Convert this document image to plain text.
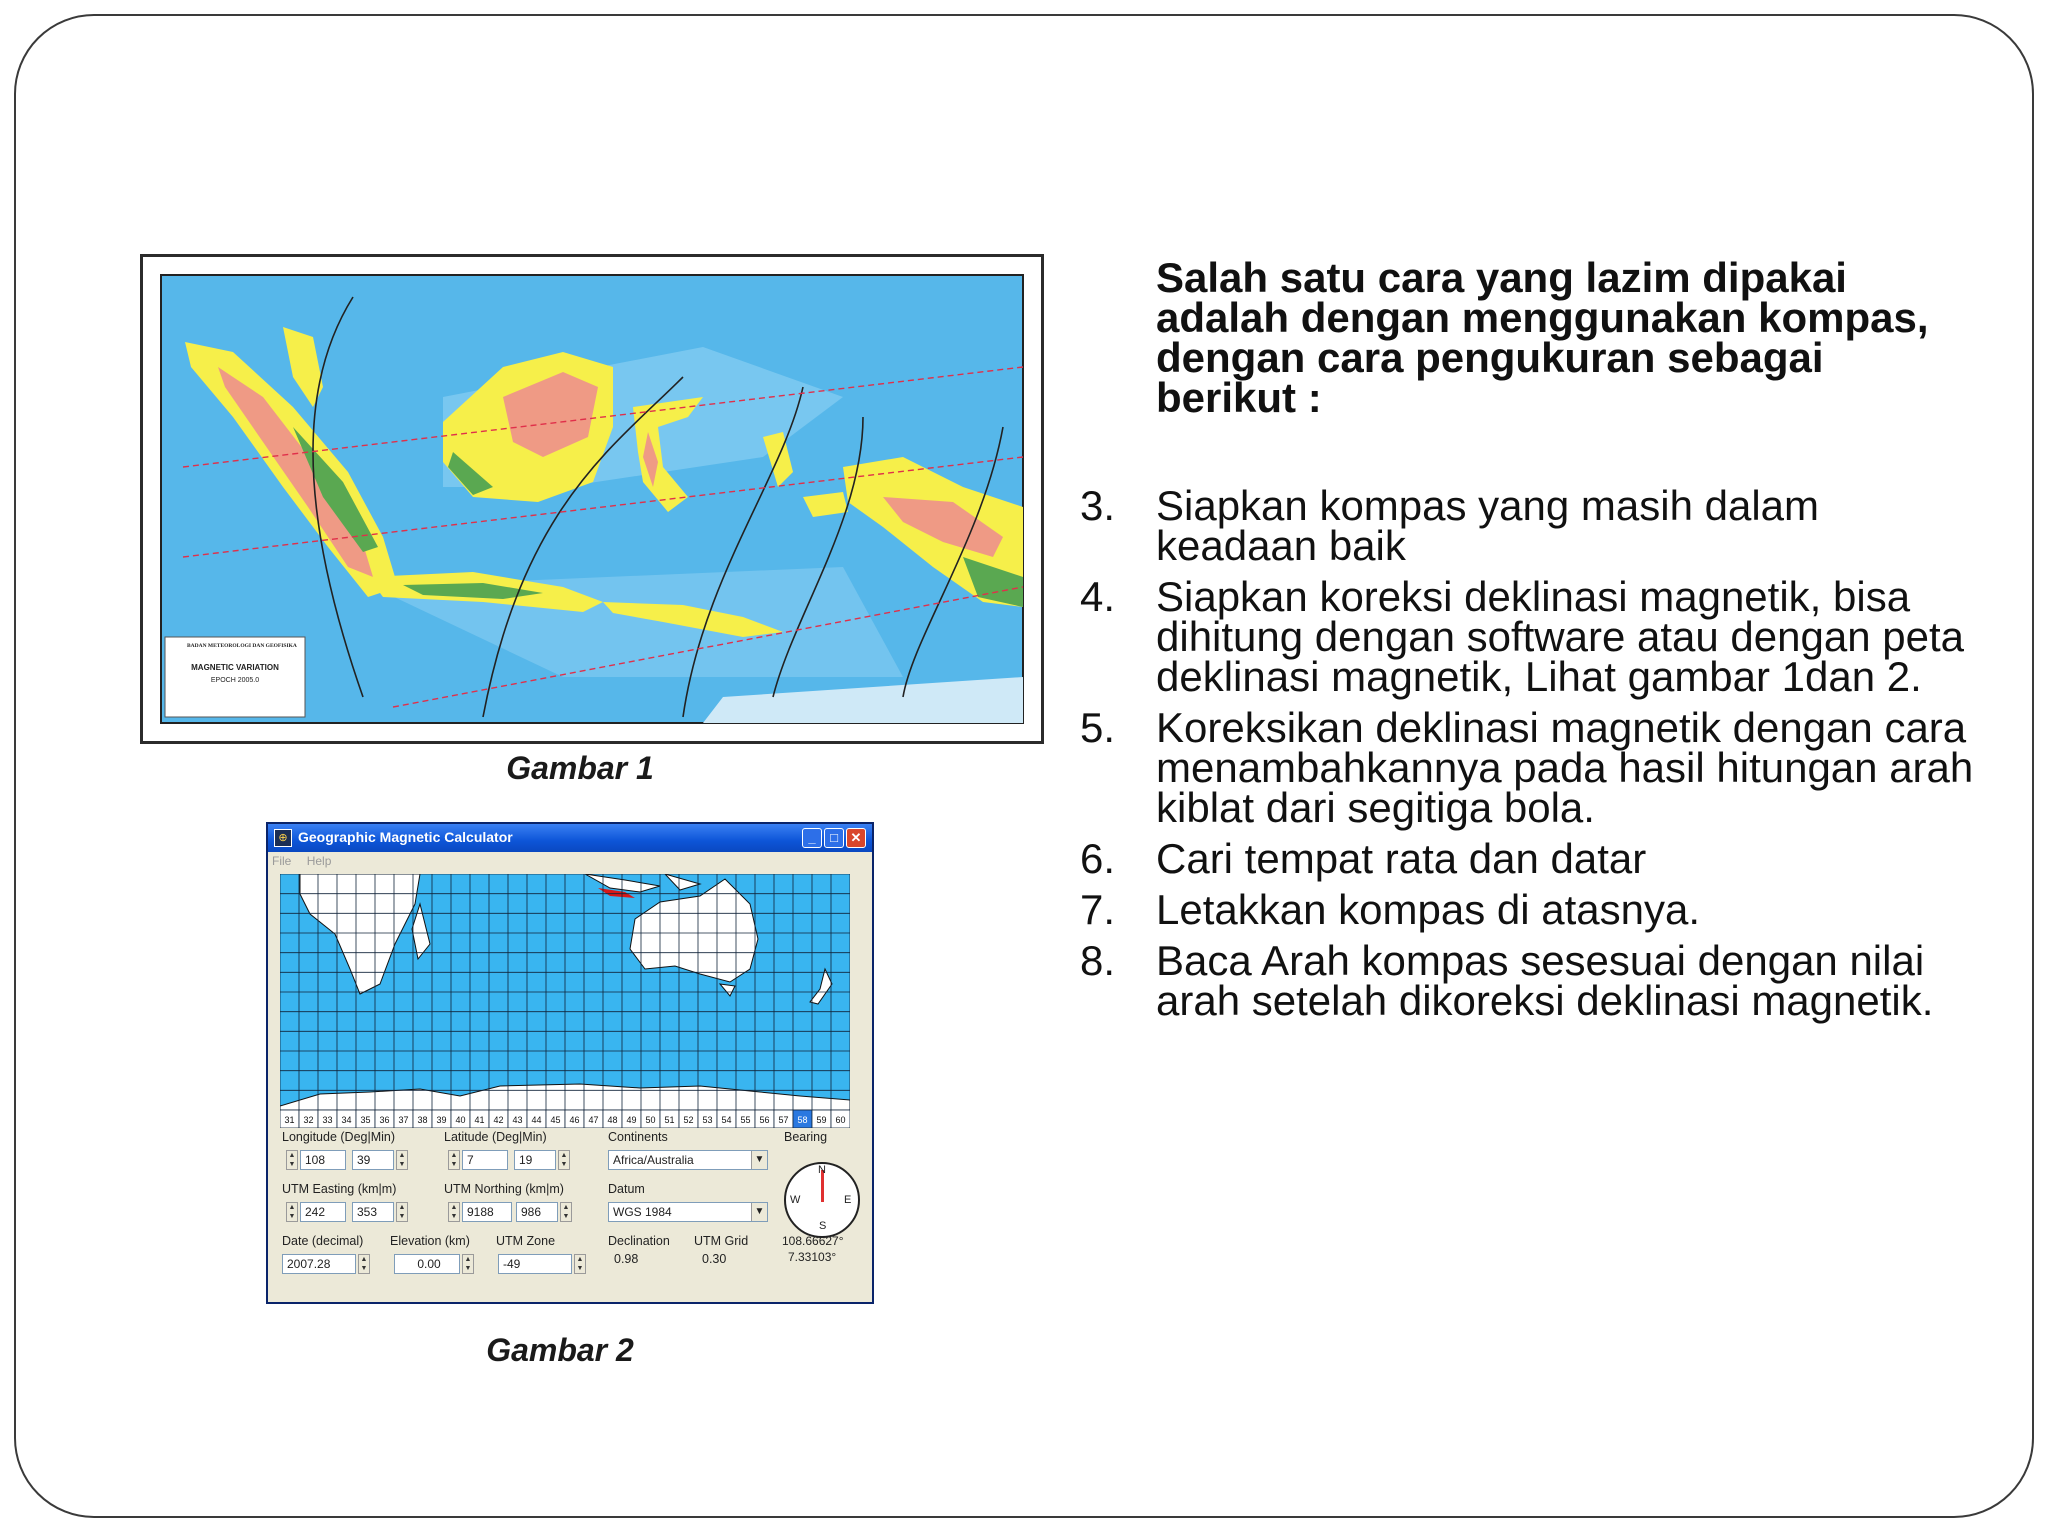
BADAN METEOROLOGI DAN GEOFISIKA
MAGNETIC VARIATION
EPOCH 2005.0
Gambar 1
⊕ Geographic Magnetic Calculator	_	□ ✕
File Help
31 32 33 34 35 36 37 38 39 40 41 42 43 44 45 46 47 48 49 50 51 52 53 54 55 56 57 58 59 60
Longitude (Deg|Min)
▲
▼ 108	39	▲
▼
Latitude (Deg|Min)
▲
▼ 7	19	▲
▼
Continents
Africa/Australia	▼
Bearing
UTM Easting (km|m)
▲
▼ 242	353	▲
▼
UTM Northing (km|m)
▲
▼ 9188	986	▲
▼
Datum
WGS 1984	▼
N
E
S
W
Date (decimal)
2007.28	▲
▼
Elevation (km)
0.00	▲
▼
UTM Zone
-49	▲
▼
Declination
0.98
UTM Grid
0.30
108.66627°
7.33103°
Gambar 2

Salah satu cara yang lazim dipakai adalah dengan menggunakan kompas, dengan cara pengukuran sebagai berikut :

3. Siapkan kompas yang masih dalam keadaan baik
4. Siapkan koreksi deklinasi magnetik, bisa dihitung dengan software atau dengan peta deklinasi magnetik, Lihat gambar 1dan 2.
5. Koreksikan deklinasi magnetik dengan cara menambahkannya pada hasil hitungan arah kiblat dari segitiga bola.
6. Cari tempat rata dan datar
7. Letakkan kompas di atasnya.
8. Baca Arah kompas sesesuai dengan nilai arah setelah dikoreksi deklinasi magnetik.
